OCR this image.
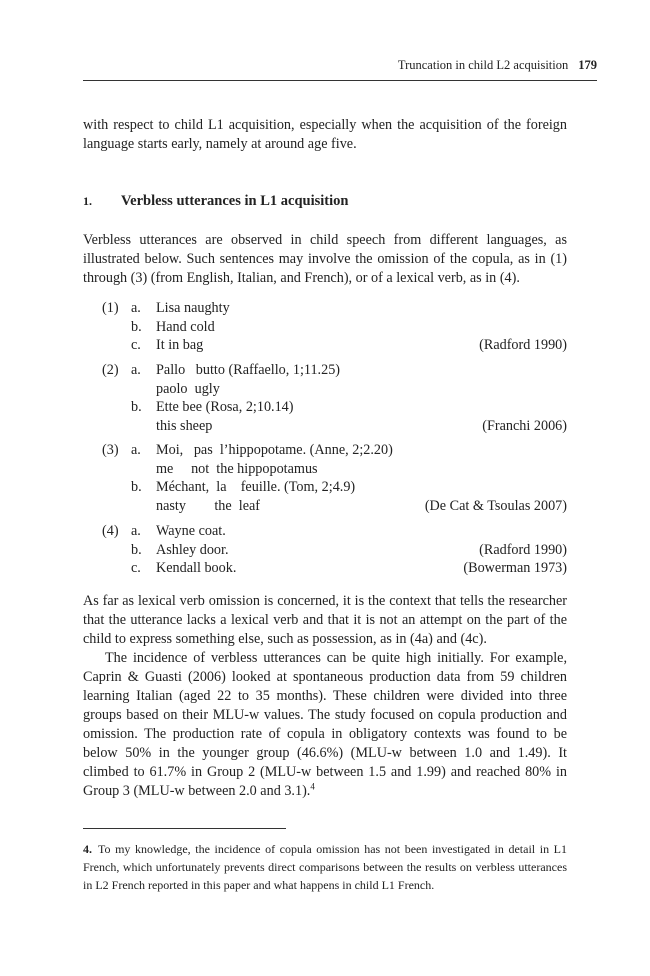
Truncation in child L2 acquisition 179

with respect to child L1 acquisition, especially when the acquisition of the foreign language starts early, namely at around age five.

1. Verbless utterances in L1 acquisition

Verbless utterances are observed in child speech from different languages, as illustrated below. Such sentences may involve the omission of the copula, as in (1) through (3) (from English, Italian, and French), or of a lexical verb, as in (4).

(1) a. Lisa naughty
b. Hand cold
c. It in bag	(Radford 1990)
(2) a. Pallo   butto (Raffaello, 1;11.25)
paolo  ugly
b. Ette bee (Rosa, 2;10.14)
this sheep	(Franchi 2006)
(3) a. Moi,   pas  l’hippopotame. (Anne, 2;2.20)
me     not  the hippopotamus
b. Méchant,  la    feuille. (Tom, 2;4.9)
nasty        the  leaf	(De Cat & Tsoulas 2007)
(4) a. Wayne coat.
b. Ashley door.	(Radford 1990)
c. Kendall book.	(Bowerman 1973)

As far as lexical verb omission is concerned, it is the context that tells the researcher that the utterance lacks a lexical verb and that it is not an attempt on the part of the child to express something else, such as possession, as in (4a) and (4c).

The incidence of verbless utterances can be quite high initially. For example, Caprin & Guasti (2006) looked at spontaneous production data from 59 children learning Italian (aged 22 to 35 months). These children were divided into three groups based on their MLU-w values. The study focused on copula production and omission. The production rate of copula in obligatory contexts was found to be below 50% in the younger group (46.6%) (MLU-w between 1.0 and 1.49). It climbed to 61.7% in Group 2 (MLU-w between 1.5 and 1.99) and reached 80% in Group 3 (MLU-w between 2.0 and 3.1).$^4$

4. To my knowledge, the incidence of copula omission has not been investigated in detail in L1 French, which unfortunately prevents direct comparisons between the results on verbless utterances in L2 French reported in this paper and what happens in child L1 French.
